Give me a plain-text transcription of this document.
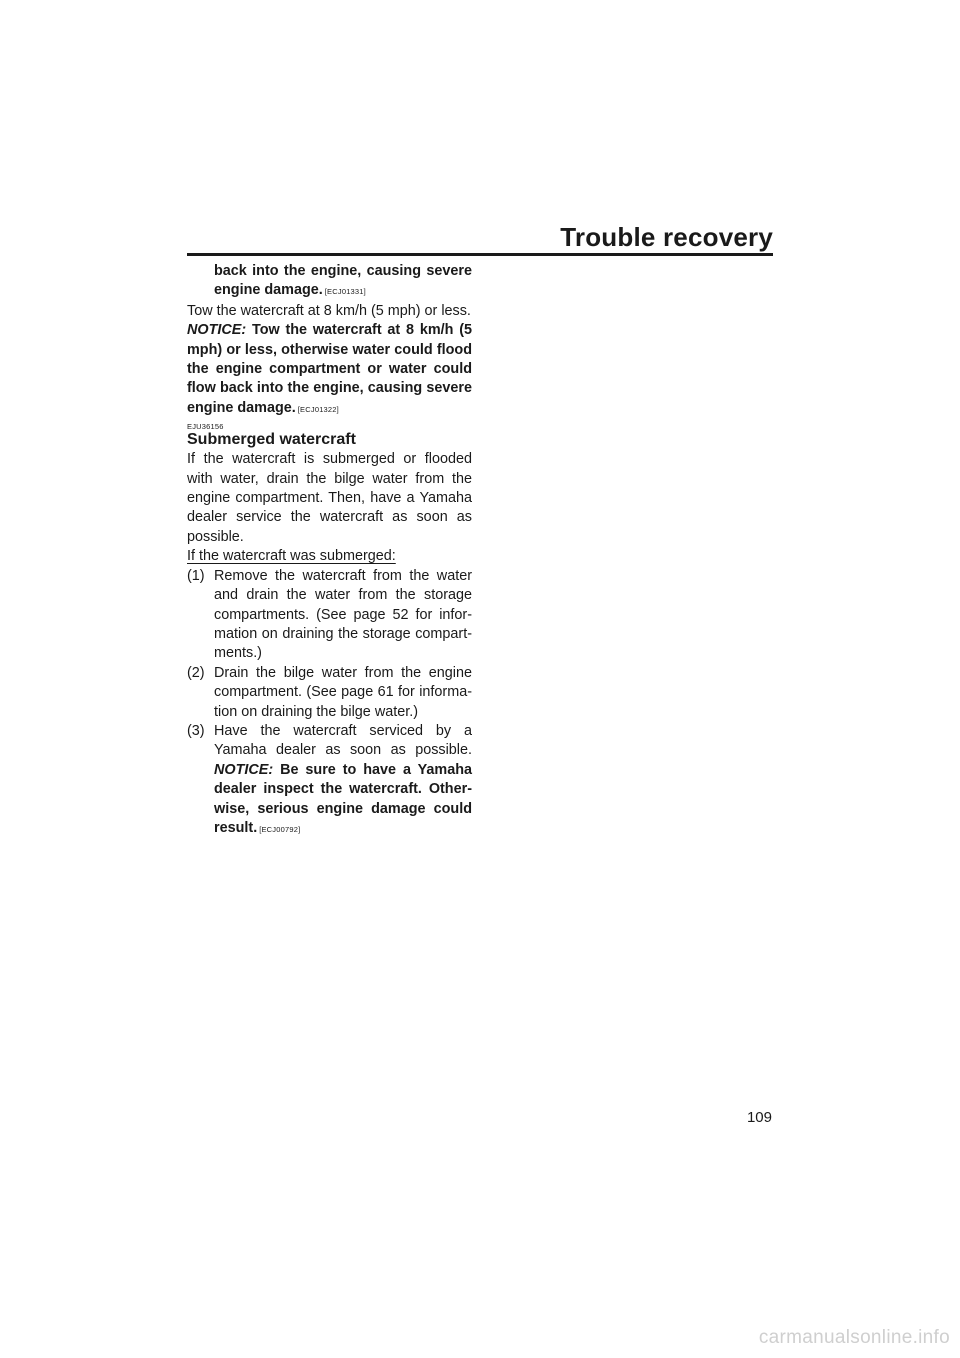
Trouble recovery

back into the engine, causing severe engine damage. [ECJ01331]

Tow the watercraft at 8 km/h (5 mph) or less.

NOTICE: Tow the watercraft at 8 km/h (5 mph) or less, otherwise water could flood the engine compartment or water could flow back into the engine, causing severe engine damage. [ECJ01322]

EJU36156
Submerged watercraft

If the watercraft is submerged or flooded with water, drain the bilge water from the engine compartment. Then, have a Yamaha dealer service the watercraft as soon as possible.

If the watercraft was submerged:

(1) Remove the watercraft from the water and drain the water from the storage compartments. (See page 52 for infor-mation on draining the storage compart-ments.)
(2) Drain the bilge water from the engine compartment. (See page 61 for informa-tion on draining the bilge water.)
(3) Have the watercraft serviced by a Yamaha dealer as soon as possible. NOTICE: Be sure to have a Yamaha dealer inspect the watercraft. Other-wise, serious engine damage could result. [ECJ00792]

109

carmanualsonline.info
